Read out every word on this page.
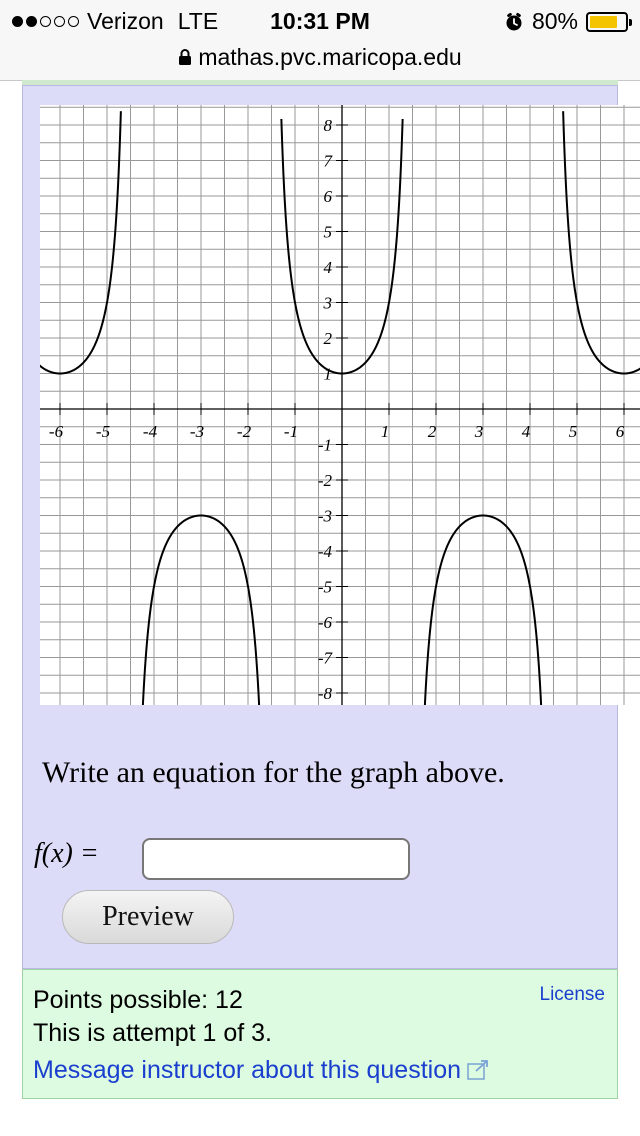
Verizon LTE	10:31 PM	80%
mathas.pvc.maricopa.edu
-6 -5 -4 -3 -2 -1	1 2 3 4 5 6
8
7
6
5
4
3
2
1
-1
-2
-3
-4
-5
-6
-7
-8
Write an equation for the graph above.
f(x) =
Preview
Points possible: 12
This is attempt 1 of 3.
Message instructor about this question
License
